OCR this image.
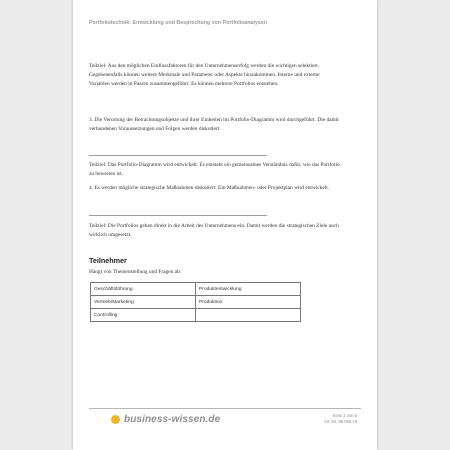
Portfoliotechnik: Entwicklung und Besprechung von Portfolioanalysen

Teilziel: Aus den möglichen Einflussfaktoren für den Unternehmenserfolg werden die wichtigen selektiert. Gegebenenfalls können weitere Merkmale und Parameter oder Aspekte hinzukommen. Interne und externe Variablen werden in Paaren zusammengeführt. Es können mehrere Portfolios entstehen.

3. Die Verortung der Betrachtungsobjekte und ihrer Einheiten im Portfolio-Diagramm wird durchgeführt. Die damit verbundenen Voraussetzungen und Folgen werden diskutiert.

Teilziel: Das Portfolio-Diagramm wird entwickelt. Es entsteht ein gemeinsames Verständnis dafür, wie das Portfolio zu bewerten ist.

4. Es werden mögliche strategische Maßnahmen diskutiert: Ein Maßnahmen- oder Projektplan wird entwickelt.

Teilziel: Die Portfolios gehen direkt in die Arbeit des Unternehmens ein. Damit werden die strategischen Ziele auch wirklich umgesetzt.

Teilnehmer
Hängt von Themenstellung und Fragen ab:
Geschäftsführung	Produktentwicklung
Vertrieb/Marketing	Produktion
Controlling	
business-wissen.de	Seite 2 von 6
Art.-Nr. 99.058.19
